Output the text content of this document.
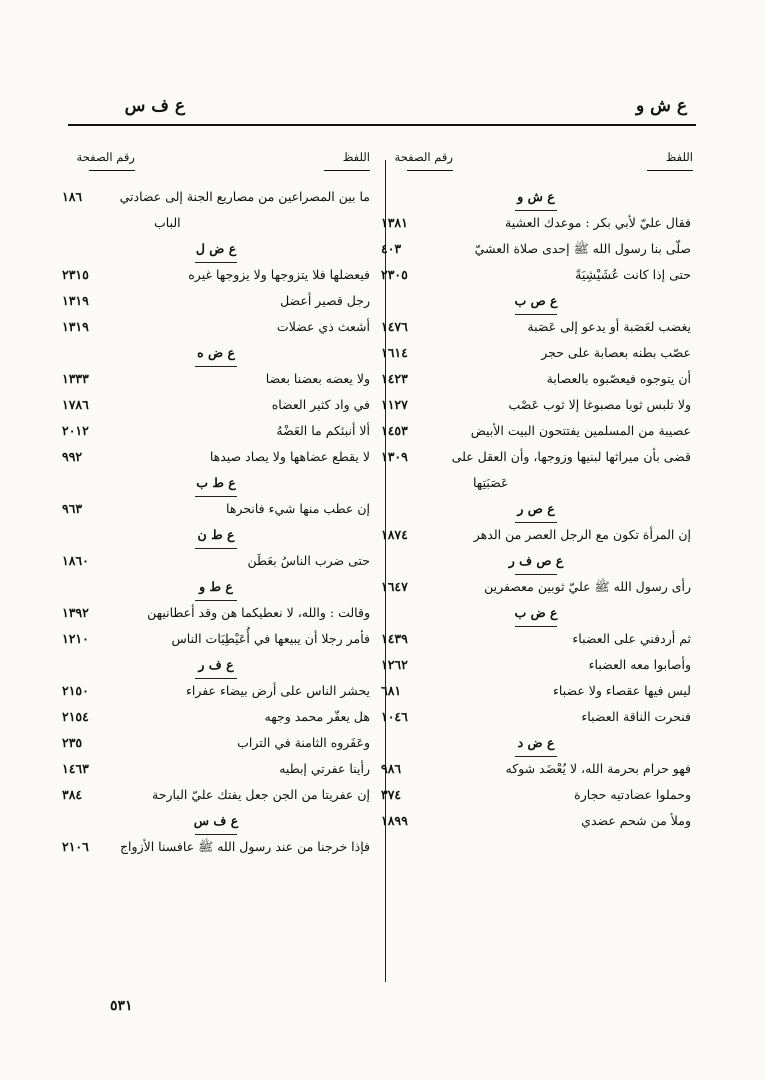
ع ش و
ع ف س
اللفظ
رقم الصفحة
اللفظ
رقم الصفحة
ع ش و
فقال عليّ لأبي بكر : موعدك العشية
١٣٨١
صلّى بنا رسول الله ﷺ إحدى صلاة العشيّ
٤٠٣
حتى إذا كانت عُشَيْشِيَةً
٢٣٠٥
ع ص ب
يغضب لعَصَبة أو يدعو إلى عَصَبة
١٤٧٦
عصّب بطنه بعصابة على حجر
١٦١٤
أن يتوجوه فيعصّبوه بالعصابة
١٤٢٣
ولا تلبس ثوبا مصبوغا إلا ثوب عَصْب
١١٢٧
عصيبة من المسلمين يفتتحون البيت الأبيض
١٤٥٣
قضى بأن ميراثها لبنيها وزوجها، وأن العقل على
١٣٠٩
عَصَبَتِها
ع ص ر
إن المرأة تكون مع الرجل العصر من الدهر
١٨٧٤
ع ص ف ر
رأى رسول الله ﷺ عليّ ثوبين معصفرين
١٦٤٧
ع ض ب
ثم أردفني على العضباء
١٤٣٩
وأصابوا معه العضباء
١٢٦٢
ليس فيها عقصاء ولا عضباء
٦٨١
فنحرت الناقة العضباء
١٠٤٦
ع ض د
فهو حرام بحرمة الله، لا يُعْضَد شوكه
٩٨٦
وحملوا عضادتيه حجارة
٣٧٤
وملأ من شحم عضدي
١٨٩٩
ما بين المصراعين من مصاريع الجنة إلى عضادتي
١٨٦
الباب
ع ض ل
فيعضلها فلا يتزوجها ولا يزوجها غيره
٢٣١٥
رجل قصير أعضل
١٣١٩
أشعث ذي عضلات
١٣١٩
ع ض ه
ولا يعضه بعضنا بعضا
١٣٣٣
في واد كثير العضاه
١٧٨٦
ألا أنبئكم ما العَضْهُ
٢٠١٢
لا يقطع عضاهها ولا يصاد صيدها
٩٩٢
ع ط ب
إن عطب منها شيء فانحرها
٩٦٣
ع ط ن
حتى ضرب الناسُ بعَطَن
١٨٦٠
ع ط و
وقالت : والله، لا نعطيكما هن وقد أعطانيهن
١٣٩٢
فأمر رجلا أن يبيعها في أُعَيْطِيَات الناس
١٢١٠
ع ف ر
يحشر الناس على أرض بيضاء عفراء
٢١٥٠
هل يعفّر محمد وجهه
٢١٥٤
وعَفَروه الثامنة في التراب
٢٣٥
رأينا عفرتي إبطيه
١٤٦٣
إن عفريتا من الجن جعل يفتك عليّ البارحة
٣٨٤
ع ف س
فإذا خرجنا من عند رسول الله ﷺ عافسنا الأزواج
٢١٠٦
٥٣١
